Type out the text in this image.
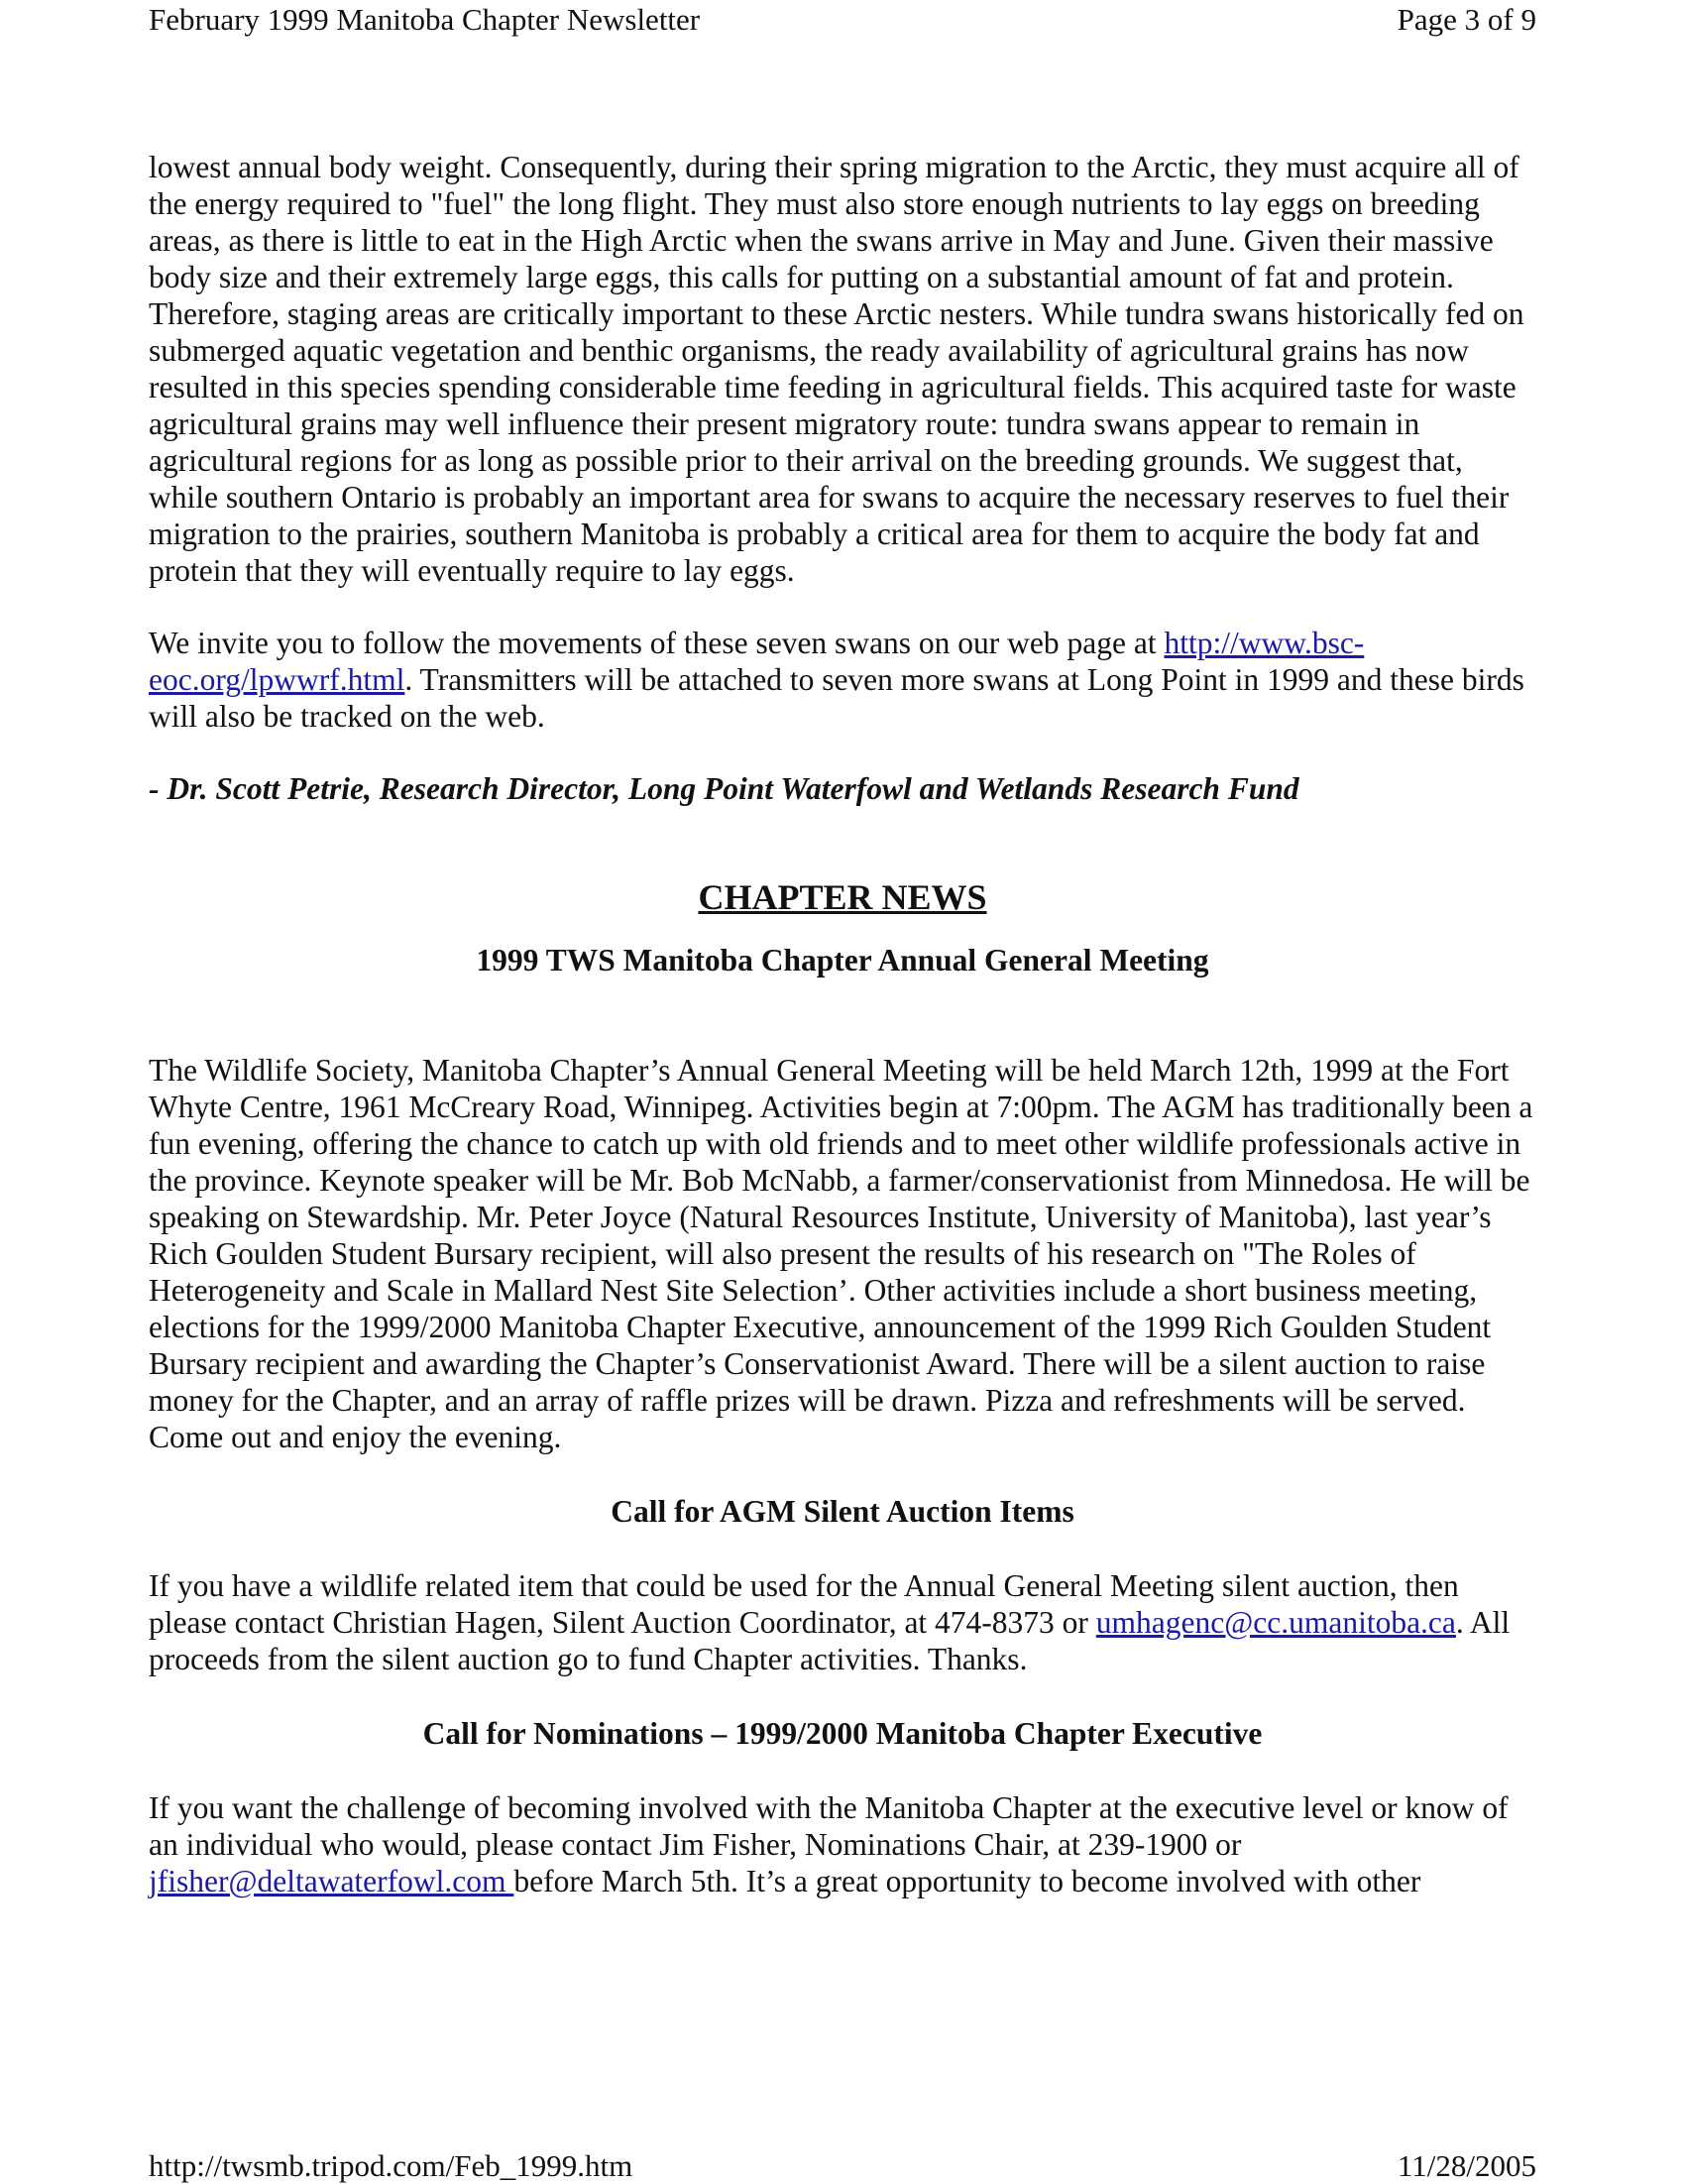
February 1999 Manitoba Chapter Newsletter	Page 3 of 9

lowest annual body weight. Consequently, during their spring migration to the Arctic, they must acquire all of the energy required to "fuel" the long flight. They must also store enough nutrients to lay eggs on breeding areas, as there is little to eat in the High Arctic when the swans arrive in May and June. Given their massive body size and their extremely large eggs, this calls for putting on a substantial amount of fat and protein. Therefore, staging areas are critically important to these Arctic nesters. While tundra swans historically fed on submerged aquatic vegetation and benthic organisms, the ready availability of agricultural grains has now resulted in this species spending considerable time feeding in agricultural fields. This acquired taste for waste agricultural grains may well influence their present migratory route: tundra swans appear to remain in agricultural regions for as long as possible prior to their arrival on the breeding grounds. We suggest that, while southern Ontario is probably an important area for swans to acquire the necessary reserves to fuel their migration to the prairies, southern Manitoba is probably a critical area for them to acquire the body fat and protein that they will eventually require to lay eggs.

We invite you to follow the movements of these seven swans on our web page at http://www.bsc-eoc.org/lpwwrf.html. Transmitters will be attached to seven more swans at Long Point in 1999 and these birds will also be tracked on the web.

- Dr. Scott Petrie, Research Director, Long Point Waterfowl and Wetlands Research Fund

CHAPTER NEWS
1999 TWS Manitoba Chapter Annual General Meeting

The Wildlife Society, Manitoba Chapter’s Annual General Meeting will be held March 12th, 1999 at the Fort Whyte Centre, 1961 McCreary Road, Winnipeg. Activities begin at 7:00pm. The AGM has traditionally been a fun evening, offering the chance to catch up with old friends and to meet other wildlife professionals active in the province. Keynote speaker will be Mr. Bob McNabb, a farmer/conservationist from Minnedosa. He will be speaking on Stewardship. Mr. Peter Joyce (Natural Resources Institute, University of Manitoba), last year’s Rich Goulden Student Bursary recipient, will also present the results of his research on "The Roles of Heterogeneity and Scale in Mallard Nest Site Selection’. Other activities include a short business meeting, elections for the 1999/2000 Manitoba Chapter Executive, announcement of the 1999 Rich Goulden Student Bursary recipient and awarding the Chapter’s Conservationist Award. There will be a silent auction to raise money for the Chapter, and an array of raffle prizes will be drawn. Pizza and refreshments will be served. Come out and enjoy the evening.

Call for AGM Silent Auction Items

If you have a wildlife related item that could be used for the Annual General Meeting silent auction, then please contact Christian Hagen, Silent Auction Coordinator, at 474-8373 or umhagenc@cc.umanitoba.ca. All proceeds from the silent auction go to fund Chapter activities. Thanks.

Call for Nominations – 1999/2000 Manitoba Chapter Executive

If you want the challenge of becoming involved with the Manitoba Chapter at the executive level or know of an individual who would, please contact Jim Fisher, Nominations Chair, at 239-1900 or jfisher@deltawaterfowl.com before March 5th. It’s a great opportunity to become involved with other

http://twsmb.tripod.com/Feb_1999.htm	11/28/2005
